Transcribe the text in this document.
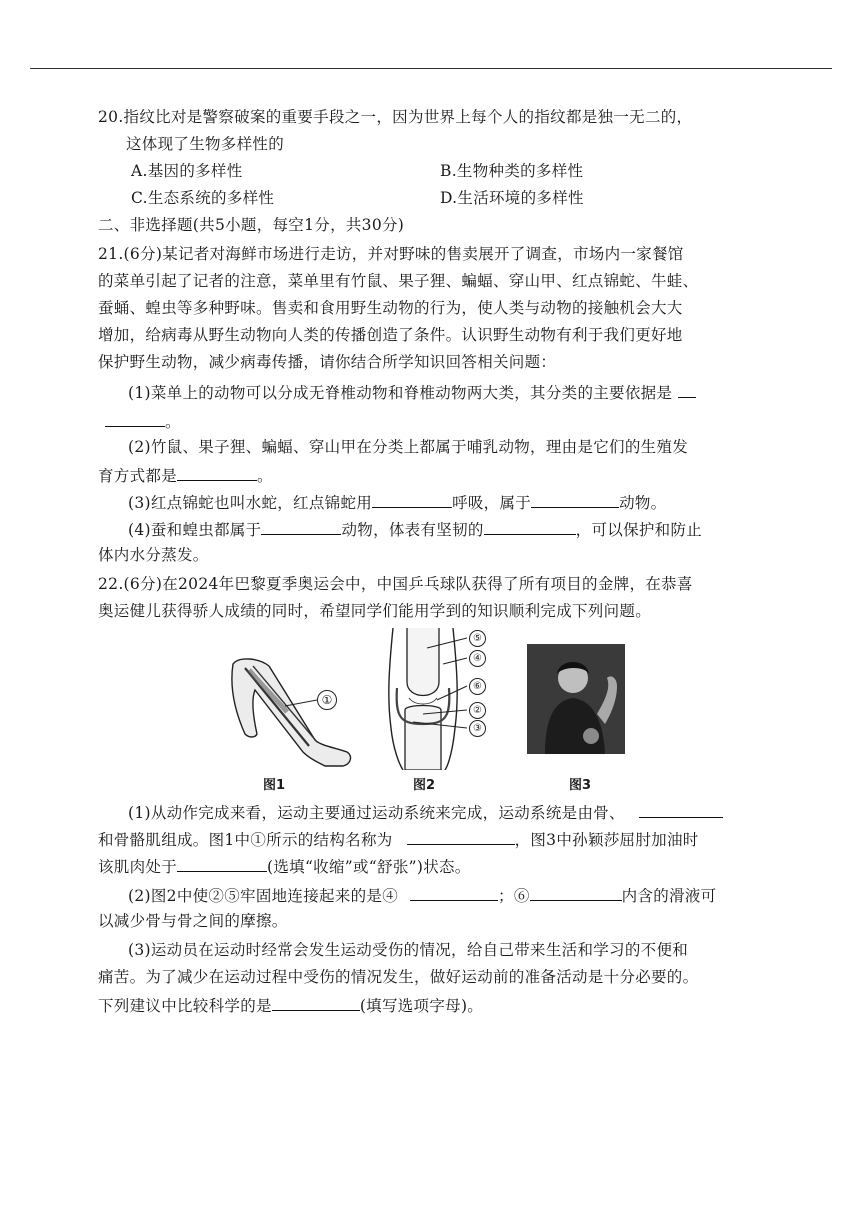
20.指纹比对是警察破案的重要手段之一，因为世界上每个人的指纹都是独一无二的，
这体现了生物多样性的
A.基因的多样性	B.生物种类的多样性
C.生态系统的多样性	D.生活环境的多样性
二、非选择题(共5小题，每空1分，共30分)
21.(6分)某记者对海鲜市场进行走访，并对野味的售卖展开了调查，市场内一家餐馆
的菜单引起了记者的注意，菜单里有竹鼠、果子狸、蝙蝠、穿山甲、红点锦蛇、牛蛙、
蚕蛹、蝗虫等多种野味。售卖和食用野生动物的行为，使人类与动物的接触机会大大
增加，给病毒从野生动物向人类的传播创造了条件。认识野生动物有利于我们更好地
保护野生动物，减少病毒传播，请你结合所学知识回答相关问题：
(1)菜单上的动物可以分成无脊椎动物和脊椎动物两大类，其分类的主要依据是
。
(2)竹鼠、果子狸、蝙蝠、穿山甲在分类上都属于哺乳动物，理由是它们的生殖发
育方式都是	。
(3)红点锦蛇也叫水蛇，红点锦蛇用	呼吸，属于	动物。
(4)蚕和蝗虫都属于	动物，体表有坚韧的	，可以保护和防止
体内水分蒸发。
22.(6分)在2024年巴黎夏季奥运会中，中国乒乓球队获得了所有项目的金牌，在恭喜
奥运健儿获得骄人成绩的同时，希望同学们能用学到的知识顺利完成下列问题。
①
⑤
④
⑥
②
③
图1	图2	图3
(1)从动作完成来看，运动主要通过运动系统来完成，运动系统是由骨、
和骨骼肌组成。图1中①所示的结构名称为	，图3中孙颖莎屈肘加油时
该肌肉处于	(选填“收缩”或“舒张”)状态。
(2)图2中使②⑤牢固地连接起来的是④	；⑥	内含的滑液可
以减少骨与骨之间的摩擦。
(3)运动员在运动时经常会发生运动受伤的情况，给自己带来生活和学习的不便和
痛苦。为了减少在运动过程中受伤的情况发生，做好运动前的准备活动是十分必要的。
下列建议中比较科学的是	(填写选项字母)。
